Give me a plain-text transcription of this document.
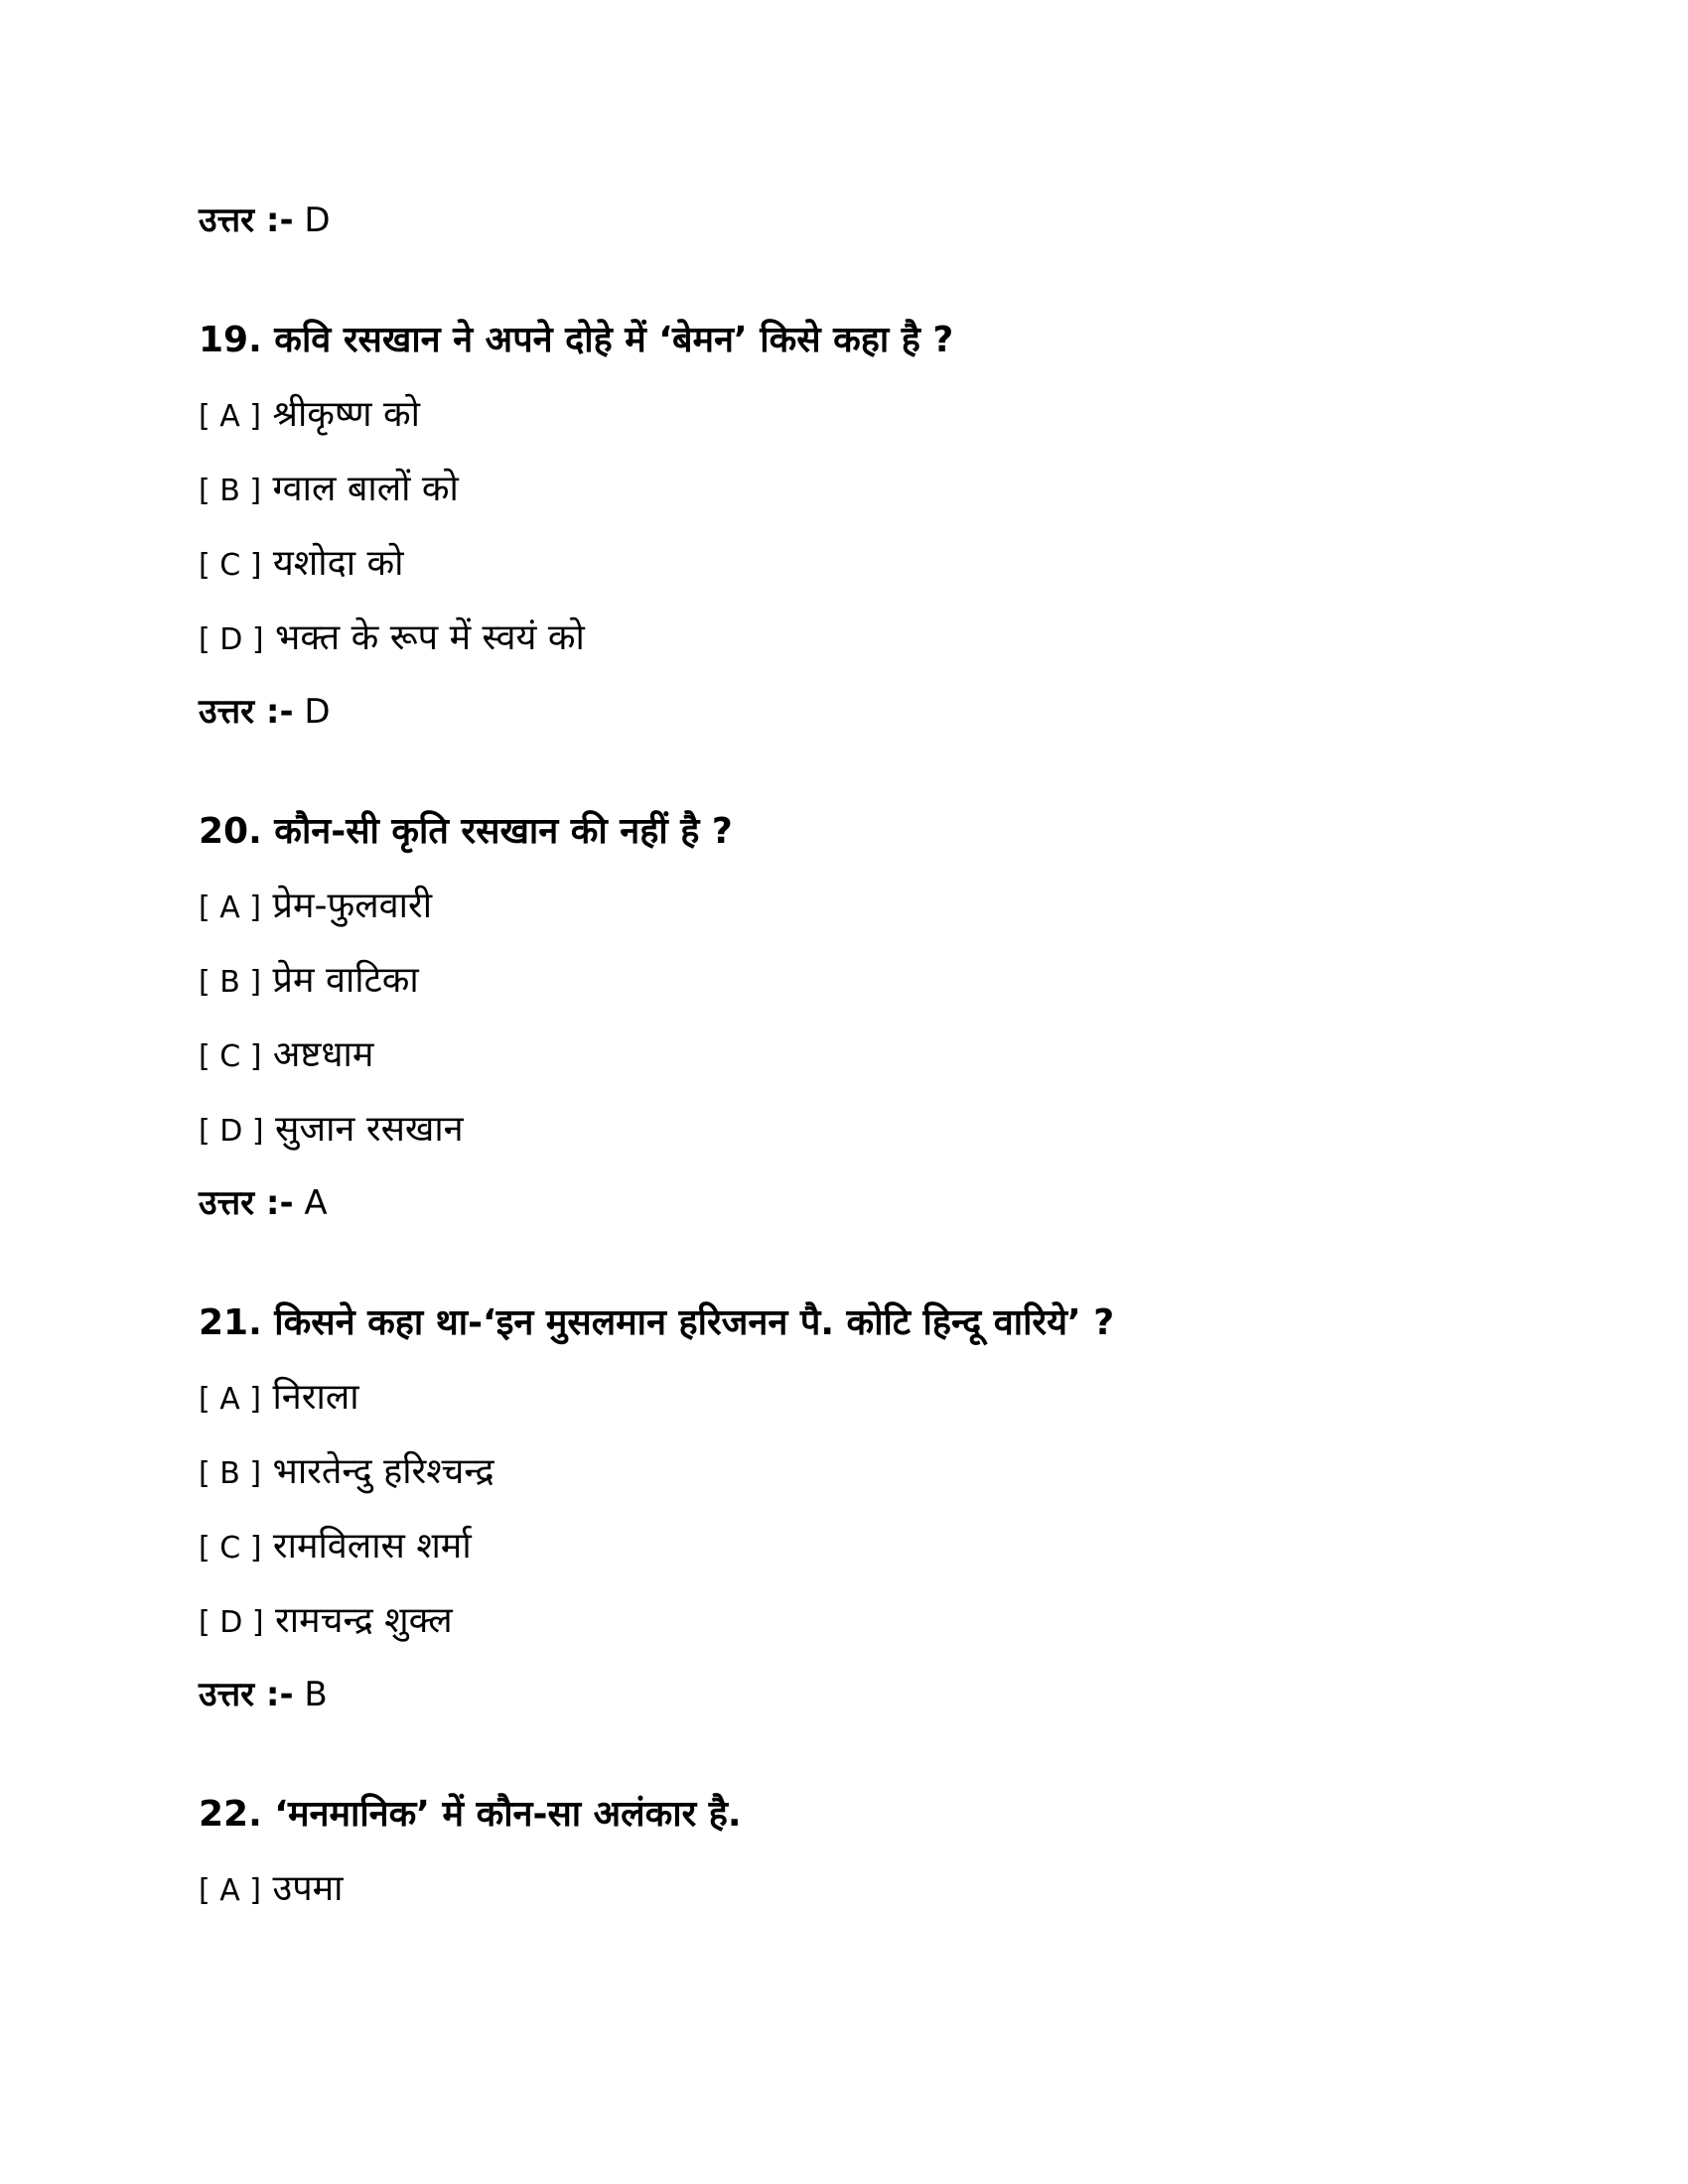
उत्तर :- D
19. कवि रसखान ने अपने दोहे में ‘बेमन’ किसे कहा है ?
[ A ] श्रीकृष्ण को
[ B ] ग्वाल बालों को
[ C ] यशोदा को
[ D ] भक्त के रूप में स्वयं को
उत्तर :- D
20. कौन-सी कृति रसखान की नहीं है ?
[ A ] प्रेम-फुलवारी
[ B ] प्रेम वाटिका
[ C ] अष्टधाम
[ D ] सुजान रसखान
उत्तर :- A
21. किसने कहा था-‘इन मुसलमान हरिजनन पै. कोटि हिन्दू वारिये’ ?
[ A ] निराला
[ B ] भारतेन्दु हरिश्चन्द्र
[ C ] रामविलास शर्मा
[ D ] रामचन्द्र शुक्ल
उत्तर :- B
22. ‘मनमानिक’ में कौन-सा अलंकार है.
[ A ] उपमा
